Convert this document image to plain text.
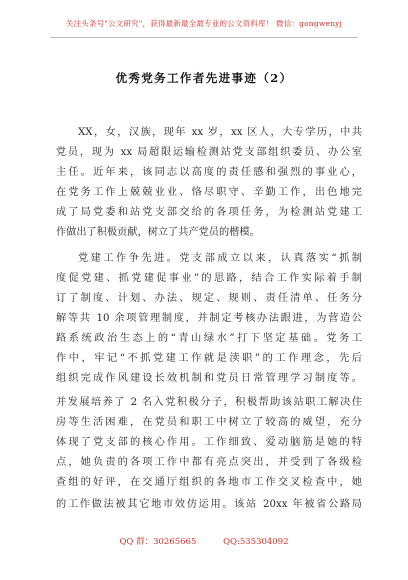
关注头条号"公文研究"，获得最新最全最专业的公文资料库！ 微信：gongwenyj
优秀党务工作者先进事迹（2）
XX，女，汉族，现年 xx 岁，xx 区人，大专学历，中共
党员，现为 xx 局超限运输检测站党支部组织委员、办公室
主任。近年来，该同志以高度的责任感和强烈的事业心，
在党务工作上兢兢业业、恪尽职守、辛勤工作，出色地完
成了局党委和站党支部交给的各项任务，为检测站党建工
作做出了积极贡献，树立了共产党员的楷模。
党建工作争先进。党支部成立以来，认真落实“抓制
度促党建、抓党建促事业”的思路，结合工作实际着手制
订了制度、计划、办法、规定、规则、责任清单、任务分
解等共 10 余项管理制度，并制定考核办法跟进，为营造公
路系统政治生态上的“青山绿水”打下坚定基础。党务工
作中，牢记“不抓党建工作就是渎职”的工作理念，先后
组织完成作风建设长效机制和党员日常管理学习制度等。
并发展培养了 2 名入党积极分子，积极帮助该站职工解决住
房等生活困难，在党员和职工中树立了较高的威望，充分
体现了党支部的核心作用。工作细致、爱动脑筋是她的特
点，她负责的各项工作中都有亮点突出，并受到了各级检
查组的好评，在交通厅组织的各地市工作交叉检查中，她
的工作做法被其它地市效仿运用。该站 20xx 年被省公路局
QQ 群：30265665	QQ:535304092
